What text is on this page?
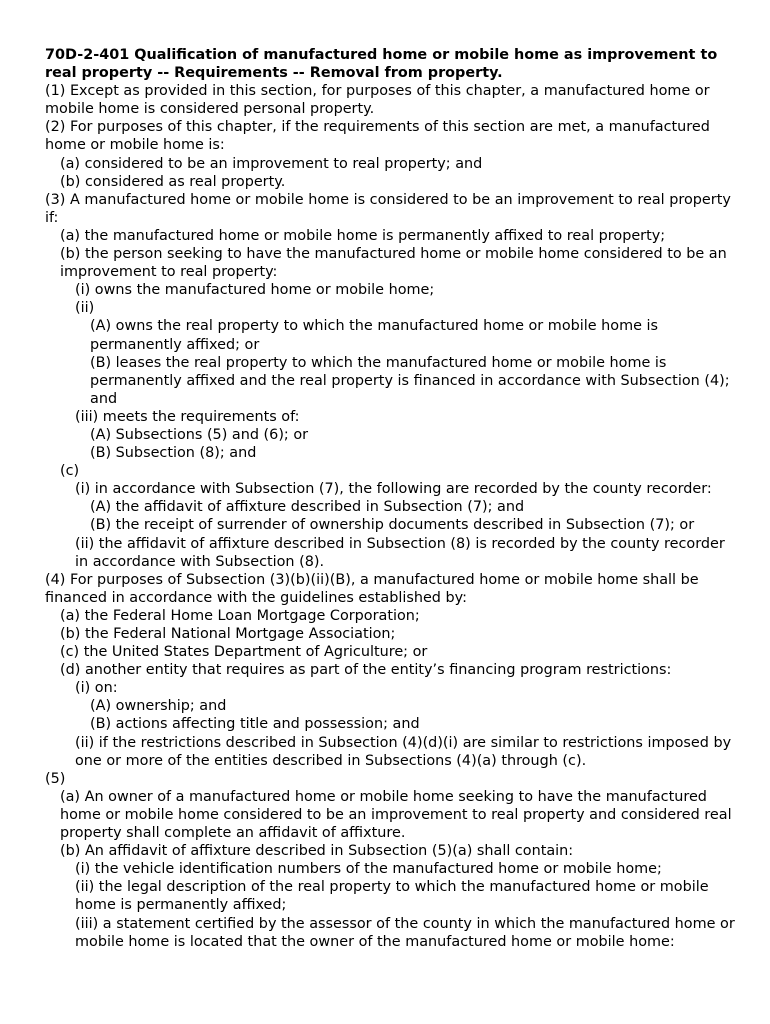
70D-2-401 Qualification of manufactured home or mobile home as improvement to real property -- Requirements -- Removal from property.

(1) Except as provided in this section, for purposes of this chapter, a manufactured home or mobile home is considered personal property.

(2) For purposes of this chapter, if the requirements of this section are met, a manufactured home or mobile home is:

(a) considered to be an improvement to real property; and

(b) considered as real property.

(3) A manufactured home or mobile home is considered to be an improvement to real property if:

(a) the manufactured home or mobile home is permanently affixed to real property;

(b) the person seeking to have the manufactured home or mobile home considered to be an improvement to real property:

(i) owns the manufactured home or mobile home;

(ii)

(A) owns the real property to which the manufactured home or mobile home is permanently affixed; or

(B) leases the real property to which the manufactured home or mobile home is permanently affixed and the real property is financed in accordance with Subsection (4); and

(iii) meets the requirements of:

(A) Subsections (5) and (6); or

(B) Subsection (8); and

(c)

(i) in accordance with Subsection (7), the following are recorded by the county recorder:

(A) the affidavit of affixture described in Subsection (7); and

(B) the receipt of surrender of ownership documents described in Subsection (7); or

(ii) the affidavit of affixture described in Subsection (8) is recorded by the county recorder in accordance with Subsection (8).

(4) For purposes of Subsection (3)(b)(ii)(B), a manufactured home or mobile home shall be financed in accordance with the guidelines established by:

(a) the Federal Home Loan Mortgage Corporation;

(b) the Federal National Mortgage Association;

(c) the United States Department of Agriculture; or

(d) another entity that requires as part of the entity’s financing program restrictions:

(i) on:

(A) ownership; and

(B) actions affecting title and possession; and

(ii) if the restrictions described in Subsection (4)(d)(i) are similar to restrictions imposed by one or more of the entities described in Subsections (4)(a) through (c).

(5)

(a) An owner of a manufactured home or mobile home seeking to have the manufactured home or mobile home considered to be an improvement to real property and considered real property shall complete an affidavit of affixture.

(b) An affidavit of affixture described in Subsection (5)(a) shall contain:

(i) the vehicle identification numbers of the manufactured home or mobile home;

(ii) the legal description of the real property to which the manufactured home or mobile home is permanently affixed;

(iii) a statement certified by the assessor of the county in which the manufactured home or mobile home is located that the owner of the manufactured home or mobile home:
